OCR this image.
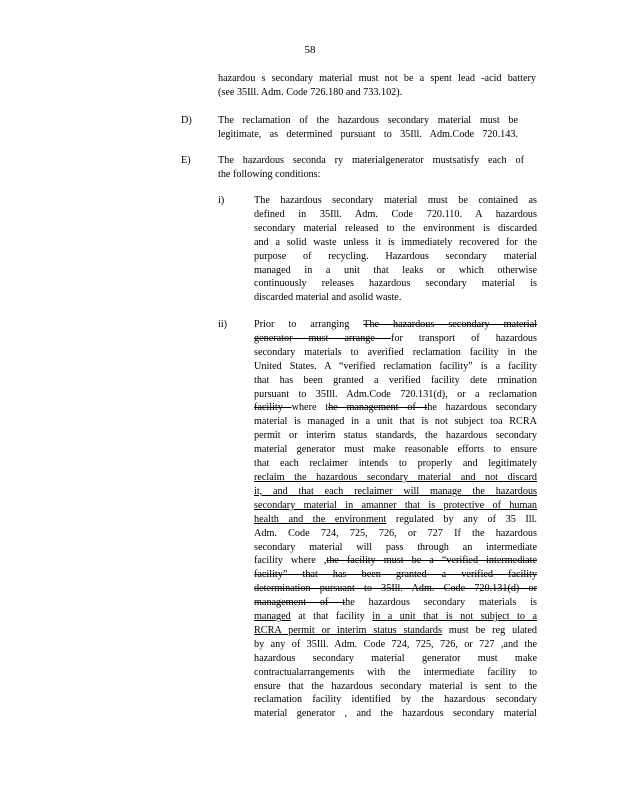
58
hazardou s secondary material must not be a spent lead -acid battery
(see 35Ill. Adm. Code 726.180 and 733.102).
D)	The reclamation of the hazardous secondary material must be
legitimate, as determined pursuant to 35Ill. Adm.Code 720.143.
E)	The hazardous seconda ry materialgenerator mustsatisfy each of
the following conditions:
i)	The hazardous secondary material must be contained as
defined in 35Ill. Adm. Code 720.110. A hazardous
secondary material released to the environment is discarded
and a solid waste unless it is immediately recovered for the
purpose of recycling. Hazardous secondary material
managed in a unit that leaks or which otherwise
continuously releases hazardous secondary material is
discarded material and asolid waste.
ii)	Prior to arranging The hazardous secondary material
generator must arrange for transport of hazardous
secondary materials to averified reclamation facility in the
United States. A “verified reclamation facility” is a facility
that has been granted a verified facility dete rmination
pursuant to 35Ill. Adm.Code 720.131(d), or a reclamation
facility where the management of the hazardous secondary
material is managed in a unit that is not subject toa RCRA
permit or interim status standards, the hazardous secondary
material generator must make reasonable efforts to ensure
that each reclaimer intends to properly and legitimately
reclaim the hazardous secondary material and not discard
it, and that each reclaimer will manage the hazardous
secondary material in amanner that is protective of human
health and the environment regulated by any of 35 Ill.
Adm. Code 724, 725, 726, or 727 If the hazardous
secondary material will pass through an intermediate
facility where ,the facility must be a “verified intermediate
facility” that has been granted a verified facility
determination pursuant to 35Ill. Adm. Code 720.131(d) or
management of the hazardous secondary materials is
managed at that facility in a unit that is not subject to a
RCRA permit or interim status standards must be reg ulated
by any of 35Ill. Adm. Code 724, 725, 726, or 727 ,and the
hazardous secondary material generator must make
contractualarrangements with the intermediate facility to
ensure that the hazardous secondary material is sent to the
reclamation facility identified by the hazardous secondary
material generator , and the hazardous secondary material
